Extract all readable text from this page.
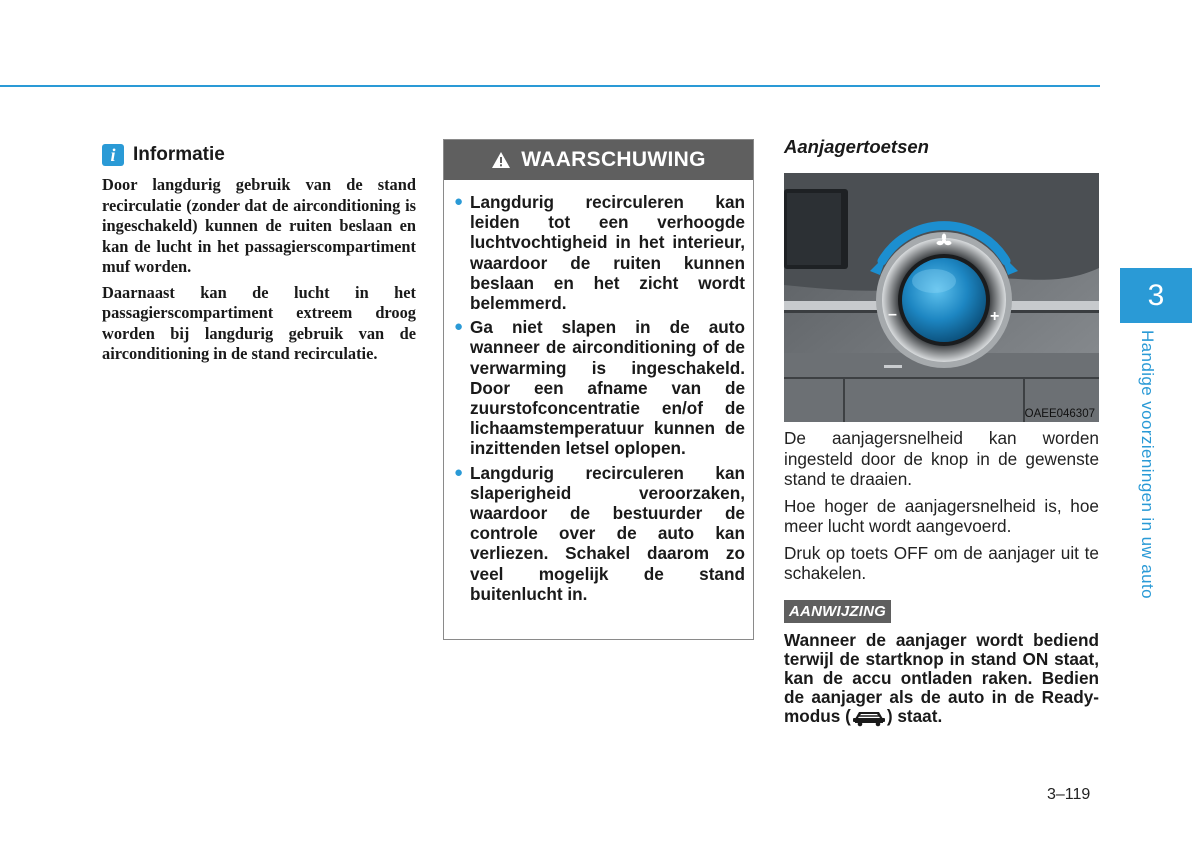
i Informatie

Door langdurig gebruik van de stand recirculatie (zonder dat de airconditioning is ingeschakeld) kunnen de ruiten beslaan en kan de lucht in het passagierscompartiment muf worden.

Daarnaast kan de lucht in het passagierscompartiment extreem droog worden bij langdurig gebruik van de airconditioning in de stand recirculatie.

WAARSCHUWING
● Langdurig recirculeren kan leiden tot een verhoogde luchtvochtigheid in het interieur, waardoor de ruiten kunnen beslaan en het zicht wordt belemmerd.
● Ga niet slapen in de auto wanneer de airconditioning of de verwarming is ingeschakeld. Door een afname van de zuurstofconcentratie en/of de lichaamstemperatuur kunnen de inzittenden letsel oplopen.
● Langdurig recirculeren kan slaperigheid veroorzaken, waardoor de bestuurder de controle over de auto kan verliezen. Schakel daarom zo veel mogelijk de stand buitenlucht in.
Aanjagertoetsen
–	+
OAEE046307

De aanjagersnelheid kan worden ingesteld door de knop in de gewenste stand te draaien.

Hoe hoger de aanjagersnelheid is, hoe meer lucht wordt aangevoerd.

Druk op toets OFF om de aanjager uit te schakelen.

AANWIJZING

Wanneer de aanjager wordt bediend terwijl de startknop in stand ON staat, kan de accu ontladen raken. Bedien de aanjager als de auto in de Ready-modus ( ) staat.

3
Handige voorzieningen in uw auto
3–119
